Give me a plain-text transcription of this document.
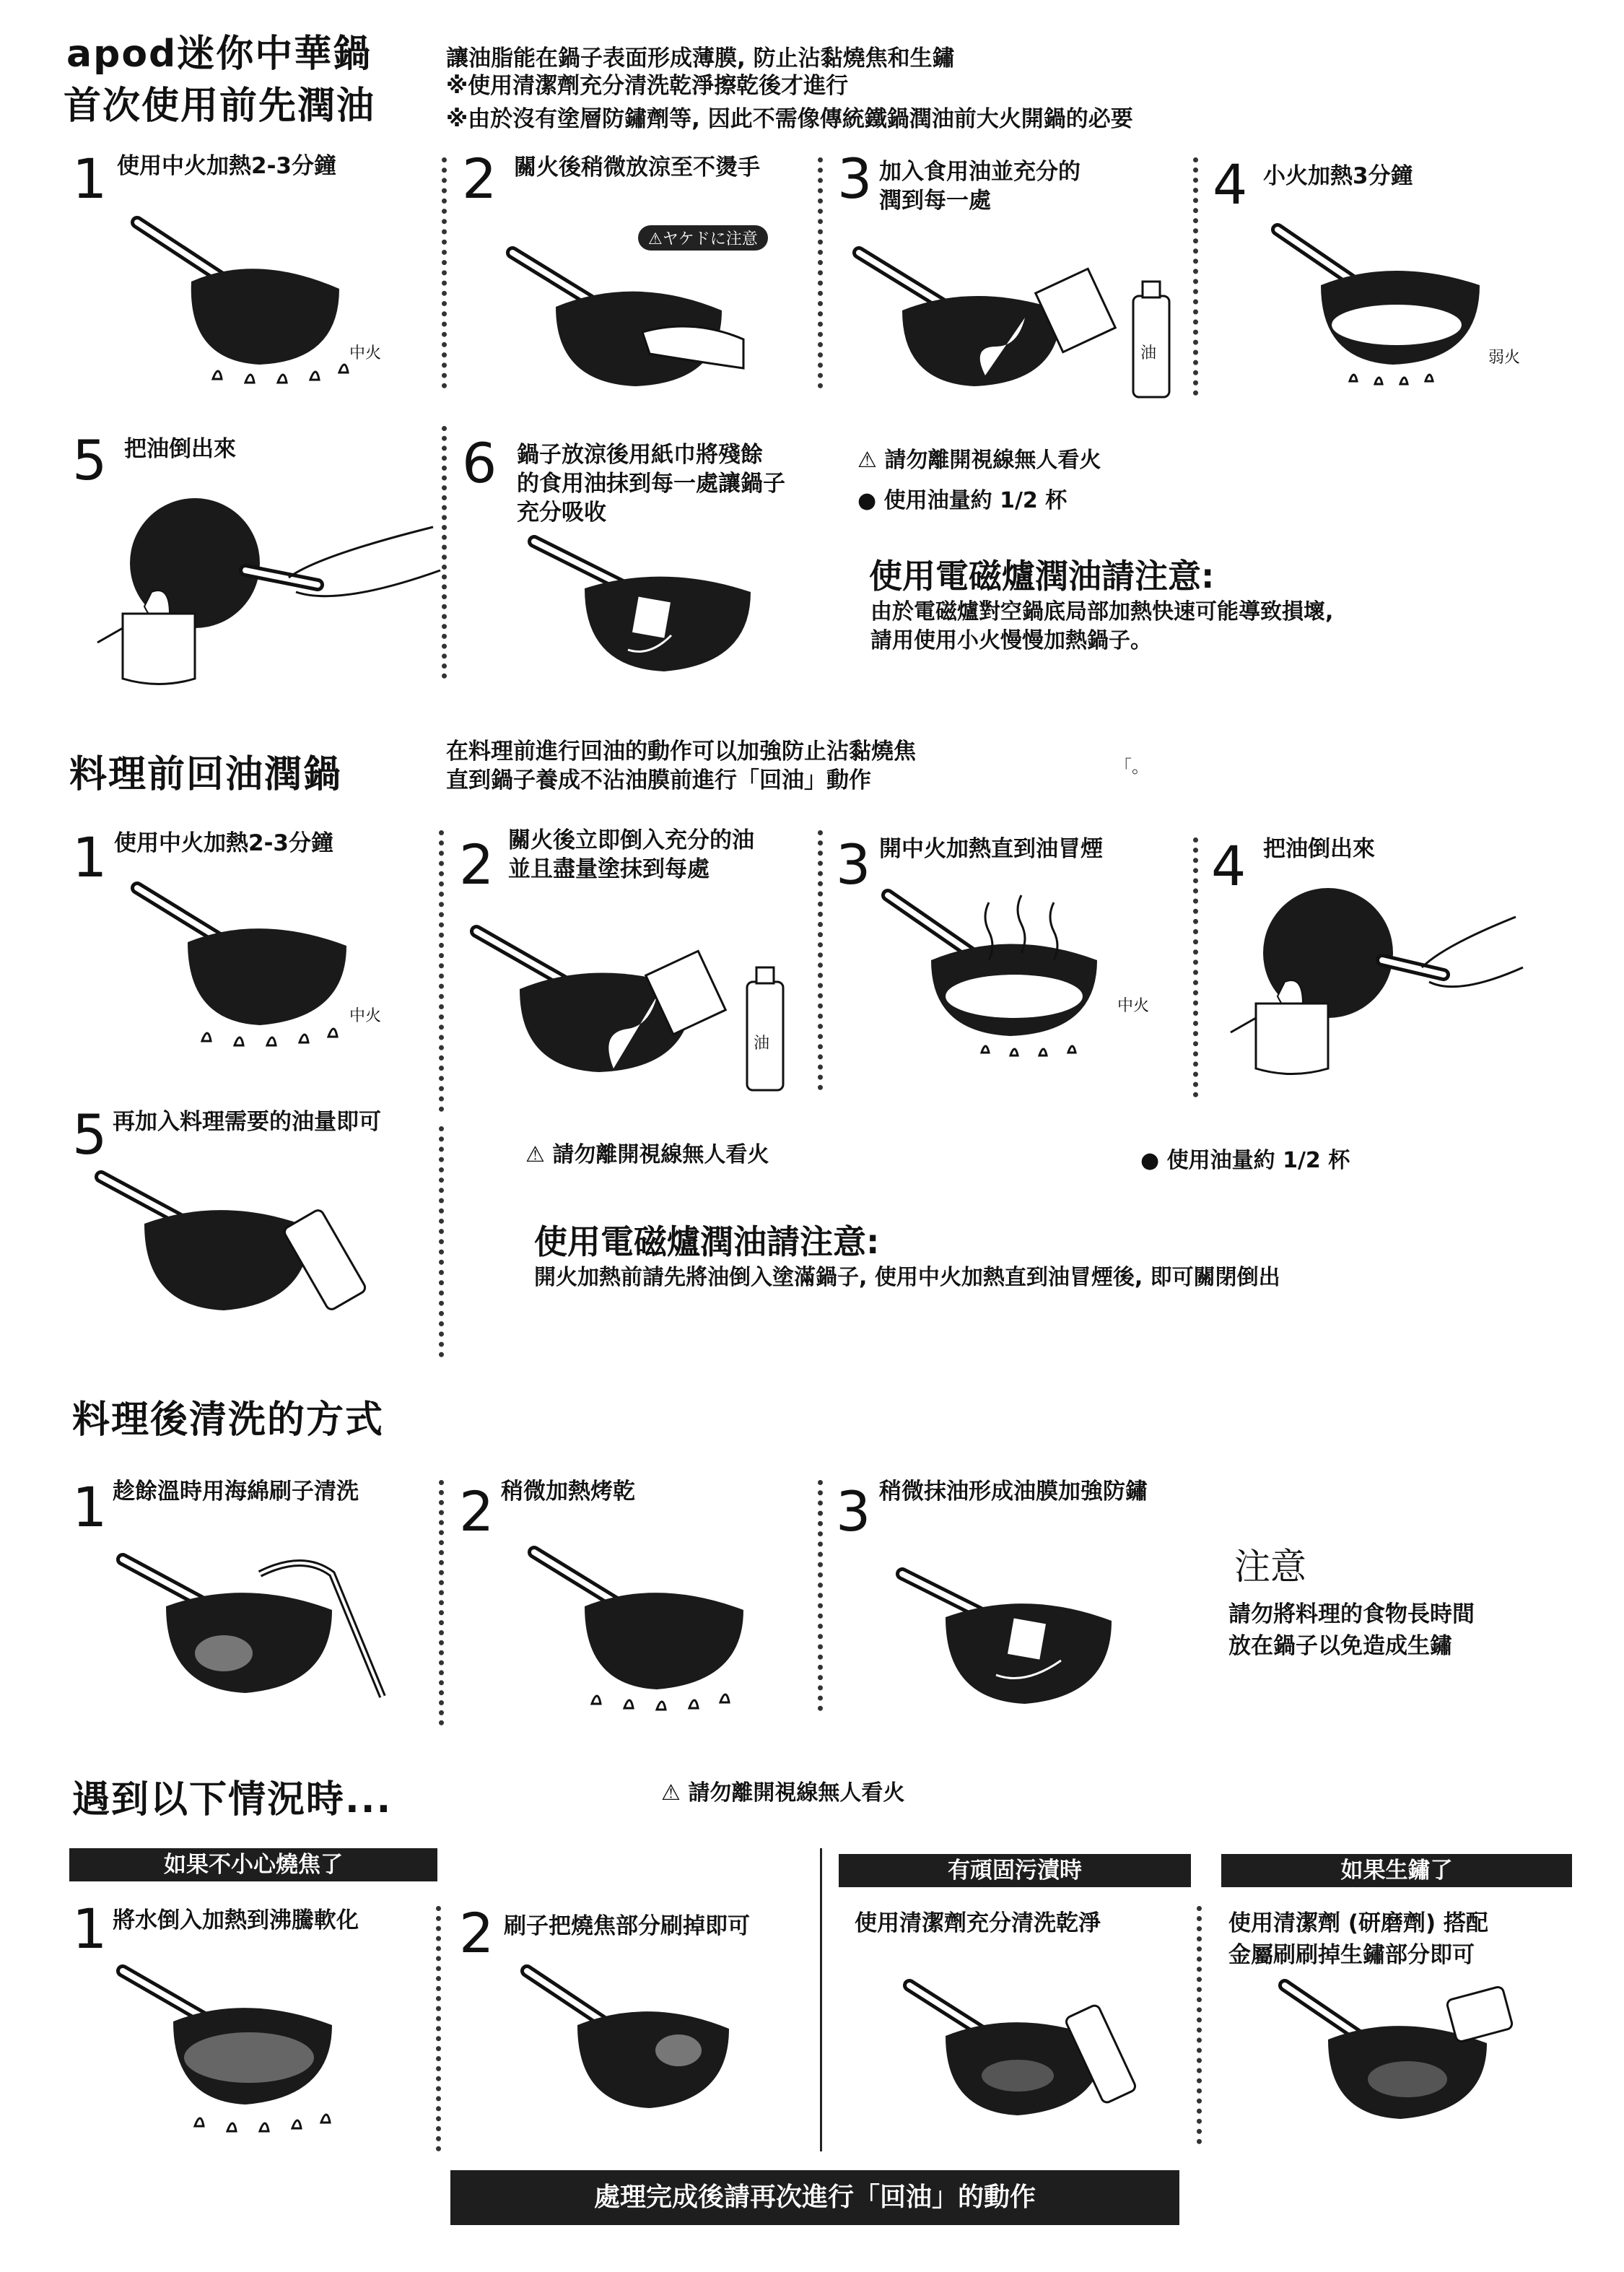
apod迷你中華鍋
首次使用前先潤油
讓油脂能在鍋子表面形成薄膜, 防止沾黏燒焦和生鏽
※使用清潔劑充分清洗乾淨擦乾後才進行
※由於沒有塗層防鏽劑等, 因此不需像傳統鐵鍋潤油前大火開鍋的必要
1 使用中火加熱2-3分鐘 2 關火後稍微放涼至不燙手 3 加入食用油並充分的
潤到每一處	4 小火加熱3分鐘
中火
⚠ヤケドに注意
油	弱火
5 把油倒出來	6 鍋子放涼後用紙巾將殘餘
的食用油抹到每一處讓鍋子
充分吸收
⚠ 請勿離開視線無人看火
● 使用油量約 1/2 杯
使用電磁爐潤油請注意:
由於電磁爐對空鍋底局部加熱快速可能導致損壞,
請用使用小火慢慢加熱鍋子。
料理前回油潤鍋
在料理前進行回油的動作可以加強防止沾黏燒焦
直到鍋子養成不沾油膜前進行「回油」動作
「。
1 使用中火加熱2-3分鐘 2 關火後立即倒入充分的油
並且盡量塗抹到每處	3 開中火加熱直到油冒煙 4 把油倒出來
中火
油
中火
5 再加入料理需要的油量即可
⚠ 請勿離開視線無人看火	● 使用油量約 1/2 杯
使用電磁爐潤油請注意:
開火加熱前請先將油倒入塗滿鍋子, 使用中火加熱直到油冒煙後, 即可關閉倒出
料理後清洗的方式
1 趁餘溫時用海綿刷子清洗 2 稍微加熱烤乾	3 稍微抹油形成油膜加強防鏽
注意
請勿將料理的食物長時間
放在鍋子以免造成生鏽
遇到以下情況時...	⚠ 請勿離開視線無人看火
如果不小心燒焦了	有頑固污漬時	如果生鏽了
1 將水倒入加熱到沸騰軟化 2 刷子把燒焦部分刷掉即可	使用清潔劑充分清洗乾淨	使用清潔劑 (研磨劑) 搭配
金屬刷刷掉生鏽部分即可
處理完成後請再次進行「回油」的動作
